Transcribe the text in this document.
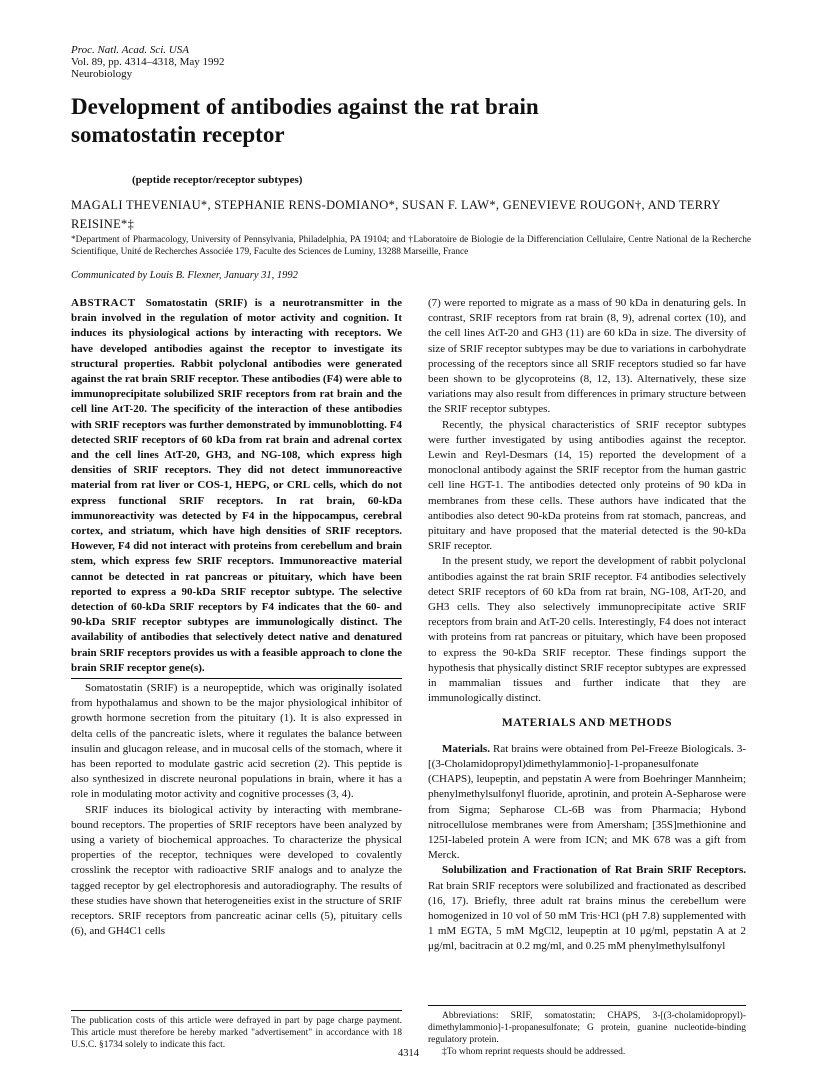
Proc. Natl. Acad. Sci. USA
Vol. 89, pp. 4314–4318, May 1992
Neurobiology
Development of antibodies against the rat brain somatostatin receptor
(peptide receptor/receptor subtypes)
MAGALI THEVENIAU*, STEPHANIE RENS-DOMIANO*, SUSAN F. LAW*, GENEVIEVE ROUGON†, AND TERRY REISINE*‡
*Department of Pharmacology, University of Pennsylvania, Philadelphia, PA 19104; and †Laboratoire de Biologie de la Differenciation Cellulaire, Centre National de la Recherche Scientifique, Unité de Recherches Associée 179, Faculte des Sciences de Luminy, 13288 Marseille, France
Communicated by Louis B. Flexner, January 31, 1992
ABSTRACT Somatostatin (SRIF) is a neurotransmitter in the brain involved in the regulation of motor activity and cognition. It induces its physiological actions by interacting with receptors. We have developed antibodies against the receptor to investigate its structural properties. Rabbit polyclonal antibodies were generated against the rat brain SRIF receptor. These antibodies (F4) were able to immunoprecipitate solubilized SRIF receptors from rat brain and the cell line AtT-20. The specificity of the interaction of these antibodies with SRIF receptors was further demonstrated by immunoblotting. F4 detected SRIF receptors of 60 kDa from rat brain and adrenal cortex and the cell lines AtT-20, GH3, and NG-108, which express high densities of SRIF receptors. They did not detect immunoreactive material from rat liver or COS-1, HEPG, or CRL cells, which do not express functional SRIF receptors. In rat brain, 60-kDa immunoreactivity was detected by F4 in the hippocampus, cerebral cortex, and striatum, which have high densities of SRIF receptors. However, F4 did not interact with proteins from cerebellum and brain stem, which express few SRIF receptors. Immunoreactive material cannot be detected in rat pancreas or pituitary, which have been reported to express a 90-kDa SRIF receptor subtype. The selective detection of 60-kDa SRIF receptors by F4 indicates that the 60- and 90-kDa SRIF receptor subtypes are immunologically distinct. The availability of antibodies that selectively detect native and denatured brain SRIF receptors provides us with a feasible approach to clone the brain SRIF receptor gene(s).

Somatostatin (SRIF) is a neuropeptide, which was originally isolated from hypothalamus and shown to be the major physiological inhibitor of growth hormone secretion from the pituitary (1). It is also expressed in delta cells of the pancreatic islets, where it regulates the balance between insulin and glucagon release, and in mucosal cells of the stomach, where it has been reported to modulate gastric acid secretion (2). This peptide is also synthesized in discrete neuronal populations in brain, where it has a role in modulating motor activity and cognitive processes (3, 4).

SRIF induces its biological activity by interacting with membrane-bound receptors. The properties of SRIF receptors have been analyzed by using a variety of biochemical approaches. To characterize the physical properties of the receptor, techniques were developed to covalently crosslink the receptor with radioactive SRIF analogs and to analyze the tagged receptor by gel electrophoresis and autoradiography. The results of these studies have shown that heterogeneities exist in the structure of SRIF receptors. SRIF receptors from pancreatic acinar cells (5), pituitary cells (6), and GH4C1 cells

(7) were reported to migrate as a mass of 90 kDa in denaturing gels. In contrast, SRIF receptors from rat brain (8, 9), adrenal cortex (10), and the cell lines AtT-20 and GH3 (11) are 60 kDa in size. The diversity of size of SRIF receptor subtypes may be due to variations in carbohydrate processing of the receptors since all SRIF receptors studied so far have been shown to be glycoproteins (8, 12, 13). Alternatively, these size variations may also result from differences in primary structure between the SRIF receptor subtypes.

Recently, the physical characteristics of SRIF receptor subtypes were further investigated by using antibodies against the receptor. Lewin and Reyl-Desmars (14, 15) reported the development of a monoclonal antibody against the SRIF receptor from the human gastric cell line HGT-1. The antibodies detected only proteins of 90 kDa in membranes from these cells. These authors have indicated that the antibodies also detect 90-kDa proteins from rat stomach, pancreas, and pituitary and have proposed that the material detected is the 90-kDa SRIF receptor.

In the present study, we report the development of rabbit polyclonal antibodies against the rat brain SRIF receptor. F4 antibodies selectively detect SRIF receptors of 60 kDa from rat brain, NG-108, AtT-20, and GH3 cells. They also selectively immunoprecipitate active SRIF receptors from brain and AtT-20 cells. Interestingly, F4 does not interact with proteins from rat pancreas or pituitary, which have been proposed to express the 90-kDa SRIF receptor. These findings support the hypothesis that physically distinct SRIF receptor subtypes are expressed in mammalian tissues and further indicate that they are immunologically distinct.

MATERIALS AND METHODS

Materials. Rat brains were obtained from Pel-Freeze Biologicals. 3-[(3-Cholamidopropyl)dimethylammonio]-1-propanesulfonate (CHAPS), leupeptin, and pepstatin A were from Boehringer Mannheim; phenylmethylsulfonyl fluoride, aprotinin, and protein A-Sepharose were from Sigma; Sepharose CL-6B was from Pharmacia; Hybond nitrocellulose membranes were from Amersham; [35S]methionine and 125I-labeled protein A were from ICN; and MK 678 was a gift from Merck.

Solubilization and Fractionation of Rat Brain SRIF Receptors. Rat brain SRIF receptors were solubilized and fractionated as described (16, 17). Briefly, three adult rat brains minus the cerebellum were homogenized in 10 vol of 50 mM Tris·HCl (pH 7.8) supplemented with 1 mM EGTA, 5 mM MgCl2, leupeptin at 10 μg/ml, pepstatin A at 2 μg/ml, bacitracin at 0.2 mg/ml, and 0.25 mM phenylmethylsulfonyl

The publication costs of this article were defrayed in part by page charge payment. This article must therefore be hereby marked "advertisement" in accordance with 18 U.S.C. §1734 solely to indicate this fact.
Abbreviations: SRIF, somatostatin; CHAPS, 3-[(3-cholamidopropyl)-dimethylammonio]-1-propanesulfonate; G protein, guanine nucleotide-binding regulatory protein.
‡To whom reprint requests should be addressed.
4314
